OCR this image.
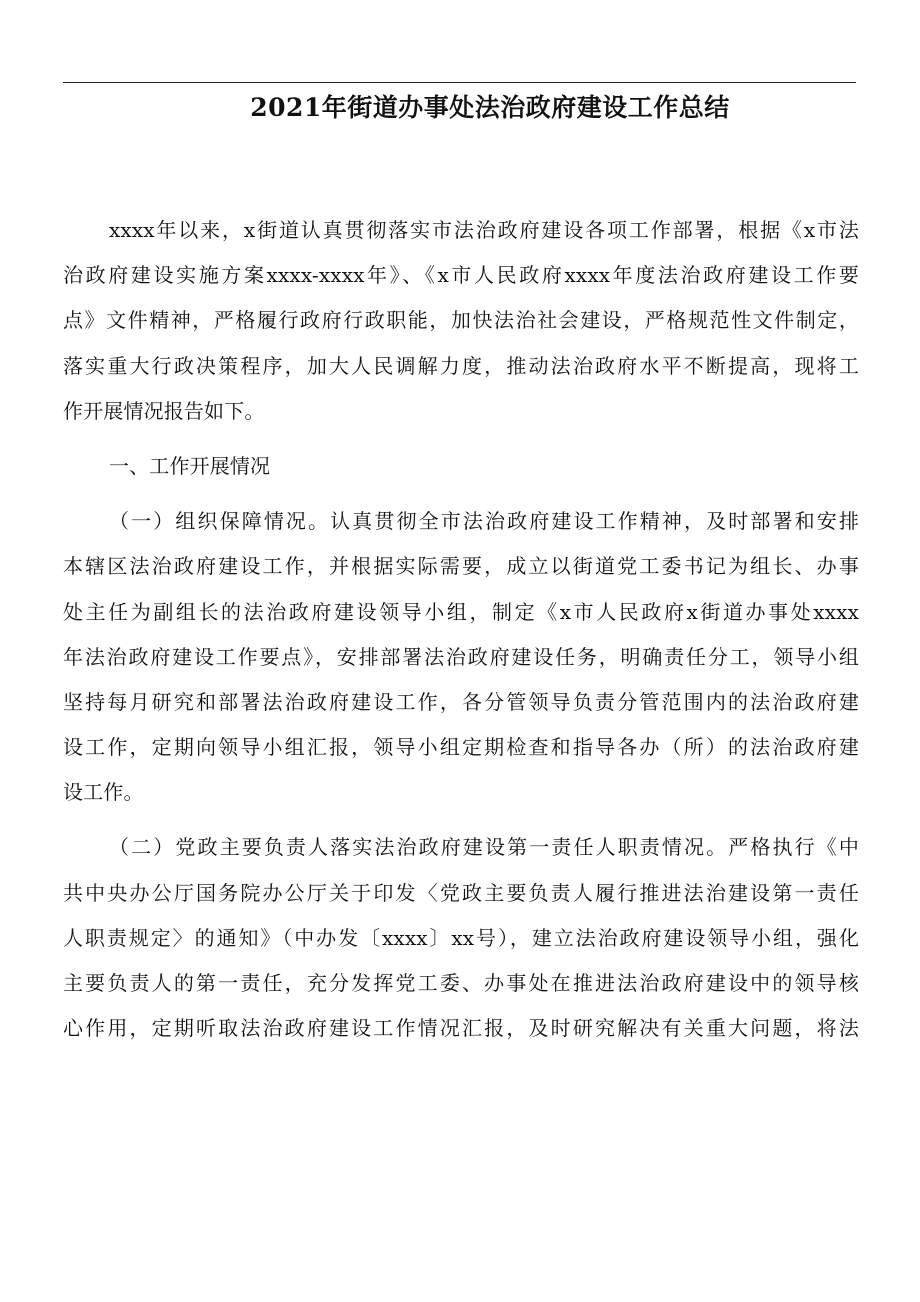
2021年街道办事处法治政府建设工作总结
xxxx年以来，x街道认真贯彻落实市法治政府建设各项工作部署，根据《x市法
治政府建设实施方案xxxx-xxxx年》、《x市人民政府xxxx年度法治政府建设工作要
点》文件精神，严格履行政府行政职能，加快法治社会建设，严格规范性文件制定，
落实重大行政决策程序，加大人民调解力度，推动法治政府水平不断提高，现将工
作开展情况报告如下。
一、工作开展情况
（一）组织保障情况。认真贯彻全市法治政府建设工作精神，及时部署和安排
本辖区法治政府建设工作，并根据实际需要，成立以街道党工委书记为组长、办事
处主任为副组长的法治政府建设领导小组，制定《x市人民政府x街道办事处xxxx
年法治政府建设工作要点》，安排部署法治政府建设任务，明确责任分工，领导小组
坚持每月研究和部署法治政府建设工作，各分管领导负责分管范围内的法治政府建
设工作，定期向领导小组汇报，领导小组定期检查和指导各办（所）的法治政府建
设工作。
（二）党政主要负责人落实法治政府建设第一责任人职责情况。严格执行《中
共中央办公厅国务院办公厅关于印发〈党政主要负责人履行推进法治建设第一责任
人职责规定〉的通知》（中办发〔xxxx〕xx号），建立法治政府建设领导小组，强化
主要负责人的第一责任，充分发挥党工委、办事处在推进法治政府建设中的领导核
心作用，定期听取法治政府建设工作情况汇报，及时研究解决有关重大问题，将法
